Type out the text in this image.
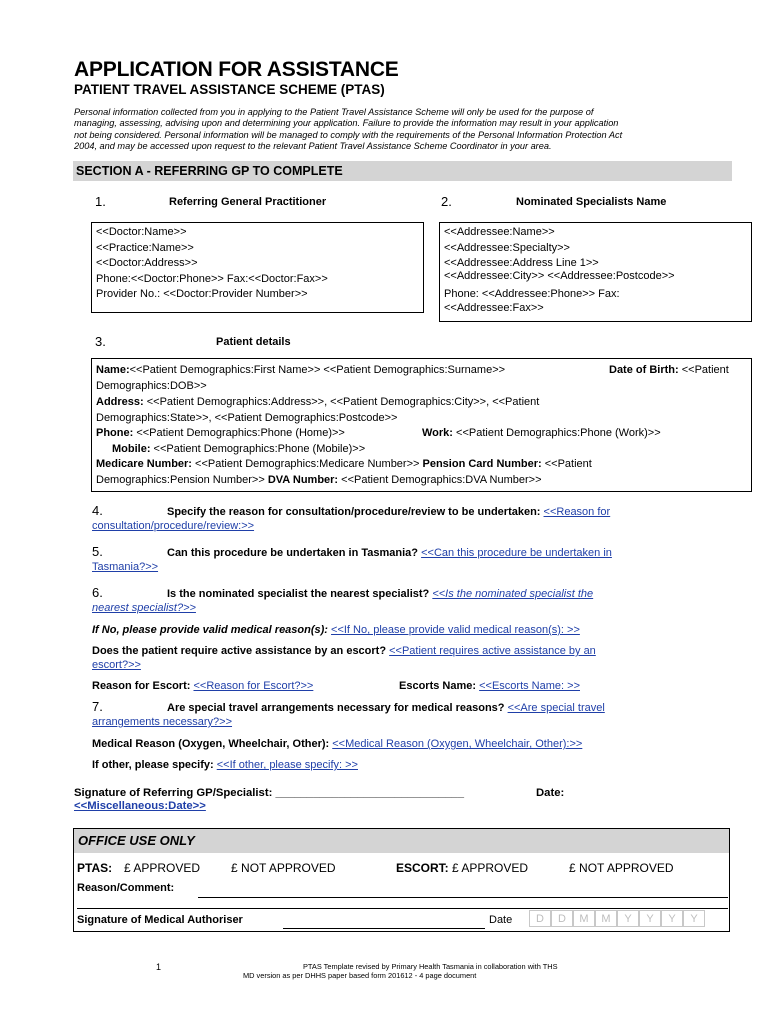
APPLICATION FOR ASSISTANCE
PATIENT TRAVEL ASSISTANCE SCHEME (PTAS)
Personal information collected from you in applying to the Patient Travel Assistance Scheme will only be used for the purpose of
managing, assessing, advising upon and determining your application. Failure to provide the information may result in your application
not being considered. Personal information will be managed to comply with the requirements of the Personal Information Protection Act
2004, and may be accessed upon request to the relevant Patient Travel Assistance Scheme Coordinator in your area.
SECTION A - REFERRING GP TO COMPLETE
1.	Referring General Practitioner	2.	Nominated Specialists Name
<<Doctor:Name>>
<<Practice:Name>>
<<Doctor:Address>>
Phone:<<Doctor:Phone>> Fax:<<Doctor:Fax>>
Provider No.: <<Doctor:Provider Number>>
<<Addressee:Name>>
<<Addressee:Specialty>>
<<Addressee:Address Line 1>>
<<Addressee:City>> <<Addressee:Postcode>>
Phone: <<Addressee:Phone>> Fax:
<<Addressee:Fax>>
3.	Patient details
Name:<<Patient Demographics:First Name>> <<Patient Demographics:Surname>>	Date of Birth: <<Patient
Demographics:DOB>>
Address: <<Patient Demographics:Address>>, <<Patient Demographics:City>>, <<Patient
Demographics:State>>, <<Patient Demographics:Postcode>>
Phone: <<Patient Demographics:Phone (Home)>>	Work: <<Patient Demographics:Phone (Work)>>
Mobile: <<Patient Demographics:Phone (Mobile)>>
Medicare Number: <<Patient Demographics:Medicare Number>> Pension Card Number: <<Patient
Demographics:Pension Number>> DVA Number: <<Patient Demographics:DVA Number>>
4.	Specify the reason for consultation/procedure/review to be undertaken: <<Reason for
consultation/procedure/review:>>
5.	Can this procedure be undertaken in Tasmania? <<Can this procedure be undertaken in
Tasmania?>>
6.	Is the nominated specialist the nearest specialist? <<Is the nominated specialist the
nearest specialist?>>
If No, please provide valid medical reason(s): <<If No, please provide valid medical reason(s): >>
Does the patient require active assistance by an escort? <<Patient requires active assistance by an
escort?>>
Reason for Escort: <<Reason for Escort?>>	Escorts Name: <<Escorts Name: >>
7.	Are special travel arrangements necessary for medical reasons? <<Are special travel
arrangements necessary?>>
Medical Reason (Oxygen, Wheelchair, Other): <<Medical Reason (Oxygen, Wheelchair, Other):>>
If other, please specify: <<If other, please specify: >>
Signature of Referring GP/Specialist: ______________________________	Date:
<<Miscellaneous:Date>>
OFFICE USE ONLY
PTAS: £ APPROVED	£ NOT APPROVED	ESCORT: £ APPROVED	£ NOT APPROVED
Reason/Comment:
Signature of Medical Authoriser	Date	D	D	M	M	Y	Y	Y	Y
1	PTAS Template revised by Primary Health Tasmania in collaboration with THS
MD version as per DHHS paper based form 201612 - 4 page document
